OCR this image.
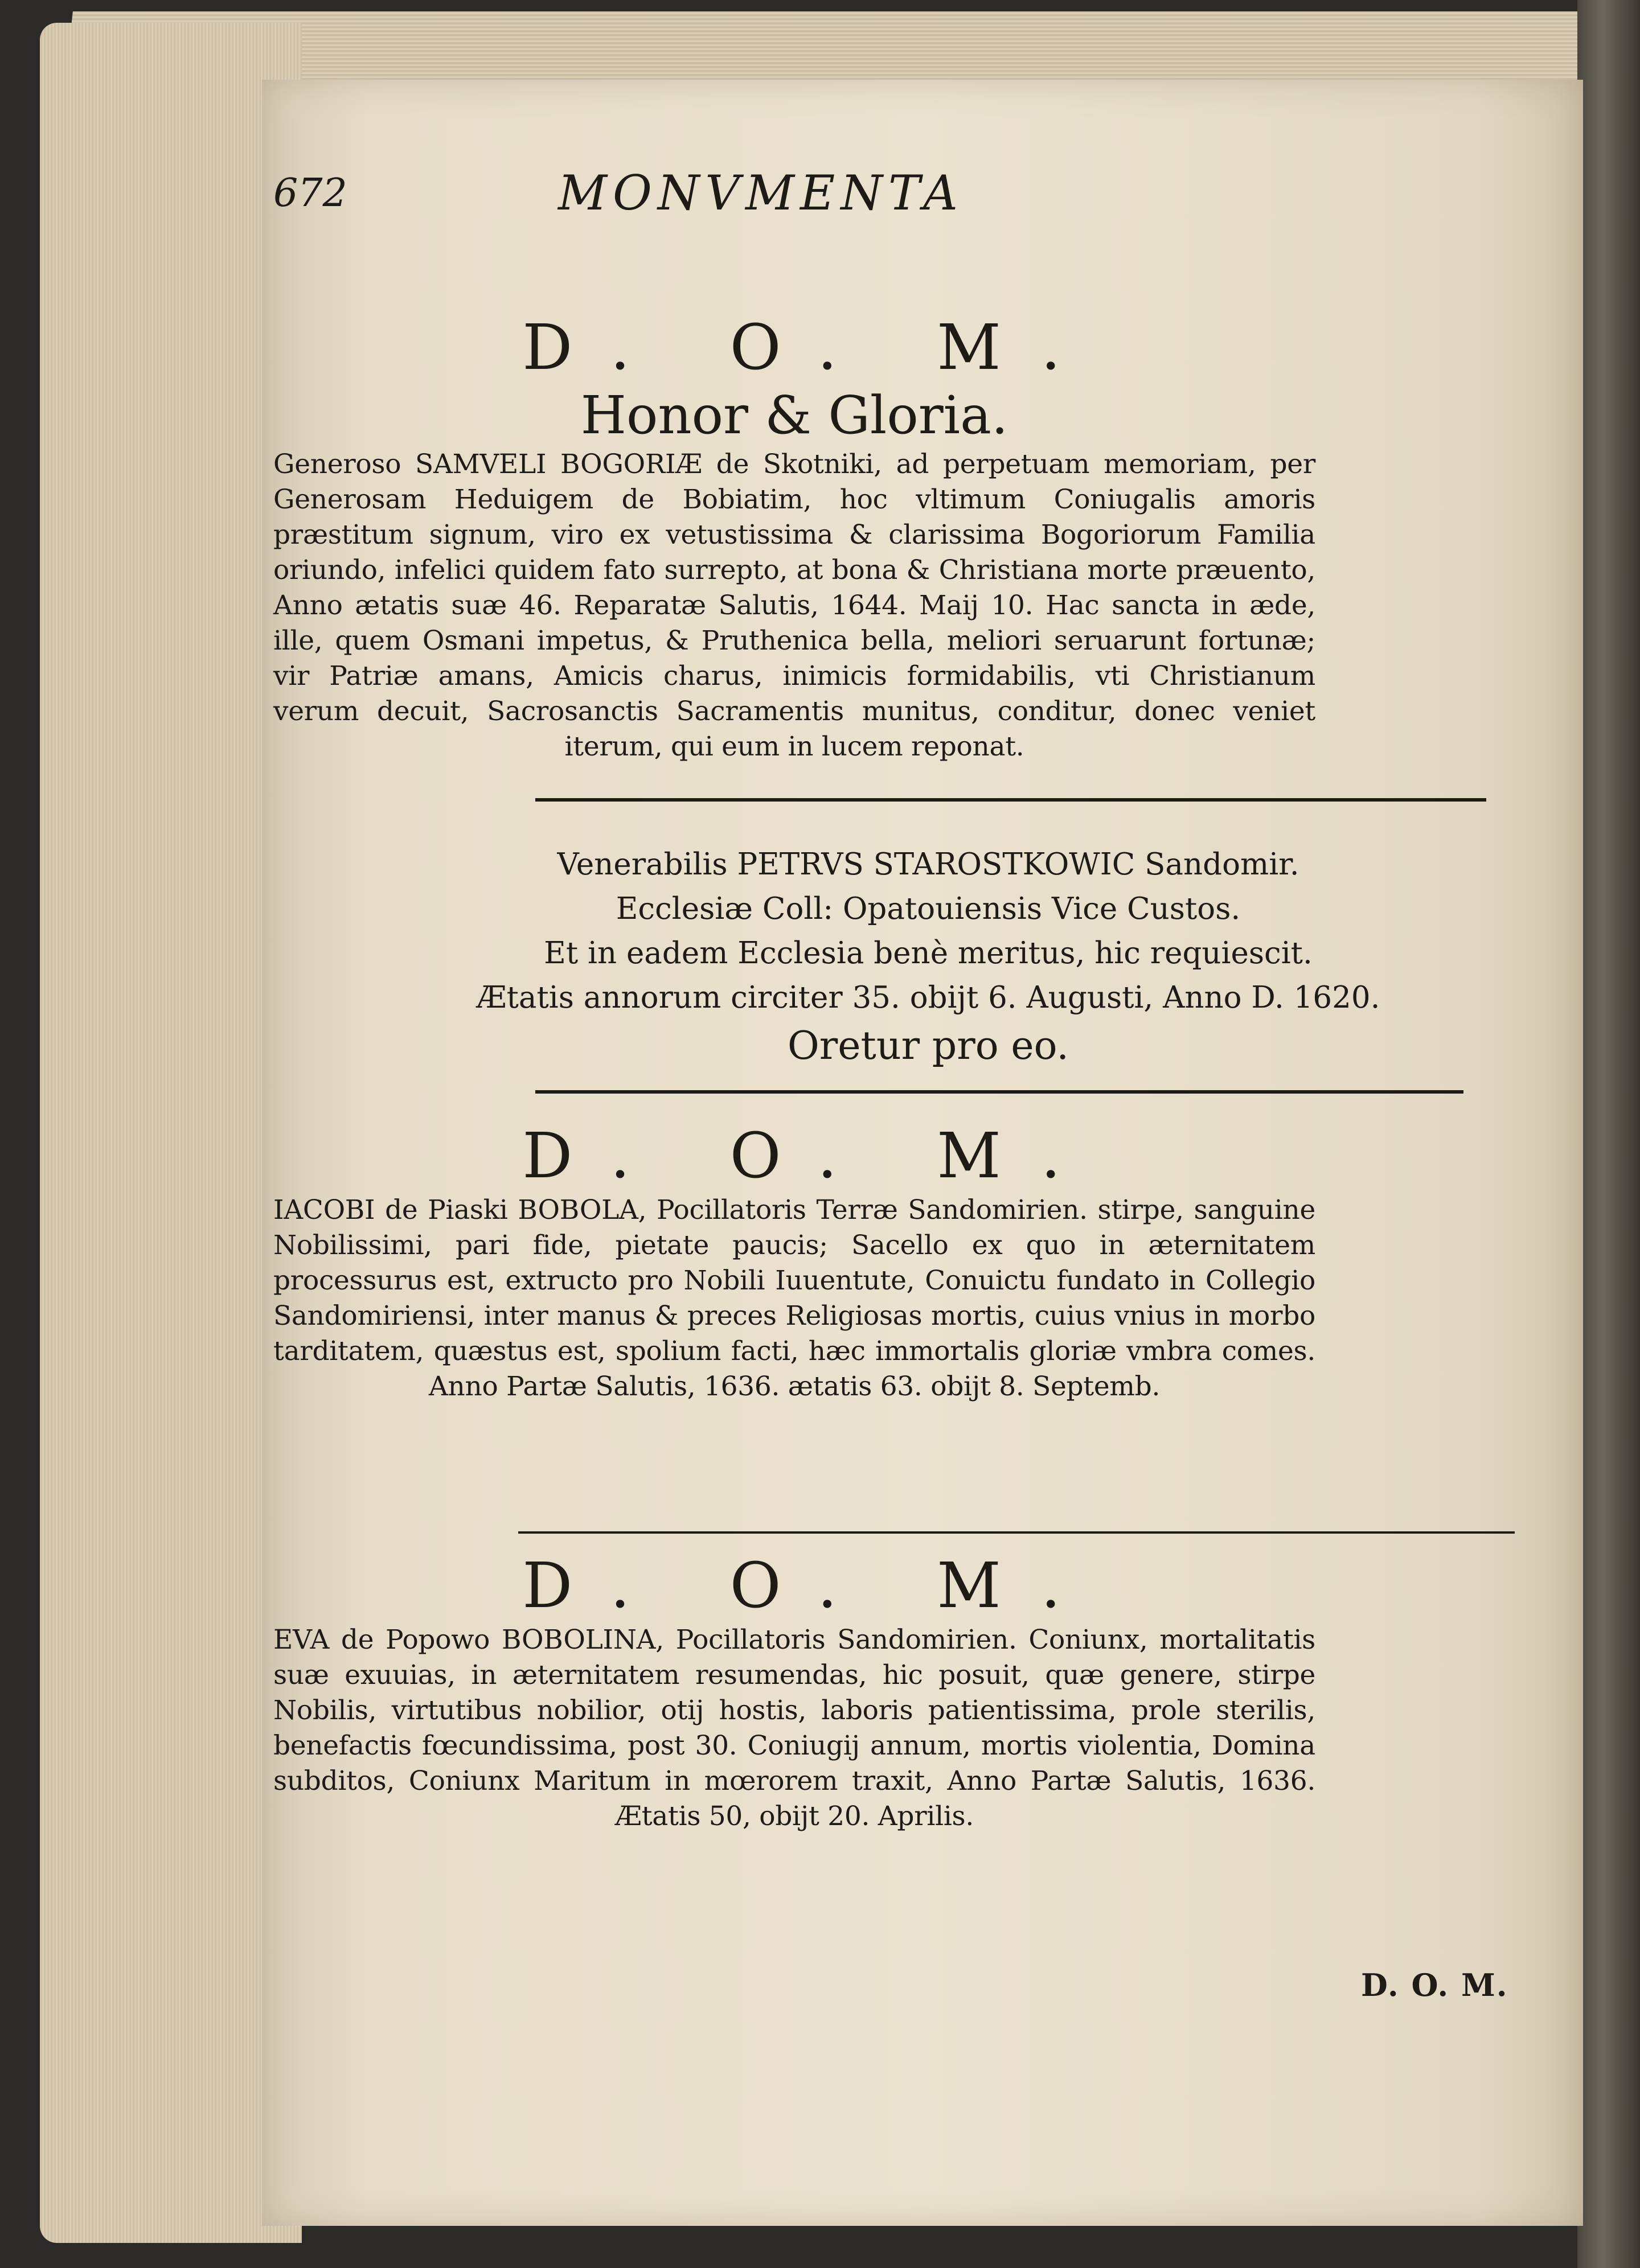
672	MONVMENTA
D. O. M.
Honor & Gloria.

Generoso SAMVELI BOGORIÆ de Skotniki, ad perpetuam memoriam, per Generosam Heduigem de Bobiatim, hoc vltimum Coniugalis amoris præstitum signum, viro ex vetustissima & clarissima Bogoriorum Familia oriundo, infelici quidem fato surrepto, at bona & Christiana morte præuento, Anno ætatis suæ 46. Reparatæ Salutis, 1644. Maij 10. Hac sancta in æde, ille, quem Osmani impetus, & Pruthenica bella, meliori seruarunt fortunæ; vir Patriæ amans, Amicis charus, inimicis formidabilis, vti Christianum verum decuit, Sacrosanctis Sacramentis munitus, conditur, donec veniet iterum, qui eum in lucem reponat.

Venerabilis PETRVS STAROSTKOWIC Sandomir.

Ecclesiæ Coll: Opatouiensis Vice Custos.

Et in eadem Ecclesia benè meritus, hic requiescit.

Ætatis annorum circiter 35. obijt 6. Augusti, Anno D. 1620.

Oretur pro eo.
D. O. M.

IACOBI de Piaski BOBOLA, Pocillatoris Terræ Sandomirien. stirpe, sanguine Nobilissimi, pari fide, pietate paucis; Sacello ex quo in æternitatem processurus est, extructo pro Nobili Iuuentute, Conuictu fundato in Collegio Sandomiriensi, inter manus & preces Religiosas mortis, cuius vnius in morbo tarditatem, quæstus est, spolium facti, hæc immortalis gloriæ vmbra comes. Anno Partæ Salutis, 1636. ætatis 63. obijt 8. Septemb.

D. O. M.

EVA de Popowo BOBOLINA, Pocillatoris Sandomirien. Coniunx, mortalitatis suæ exuuias, in æternitatem resumendas, hic posuit, quæ genere, stirpe Nobilis, virtutibus nobilior, otij hostis, laboris patientissima, prole sterilis, benefactis fœcundissima, post 30. Coniugij annum, mortis violentia, Domina subditos, Coniunx Maritum in mœrorem traxit, Anno Partæ Salutis, 1636. Ætatis 50, obijt 20. Aprilis.

D. O. M.
